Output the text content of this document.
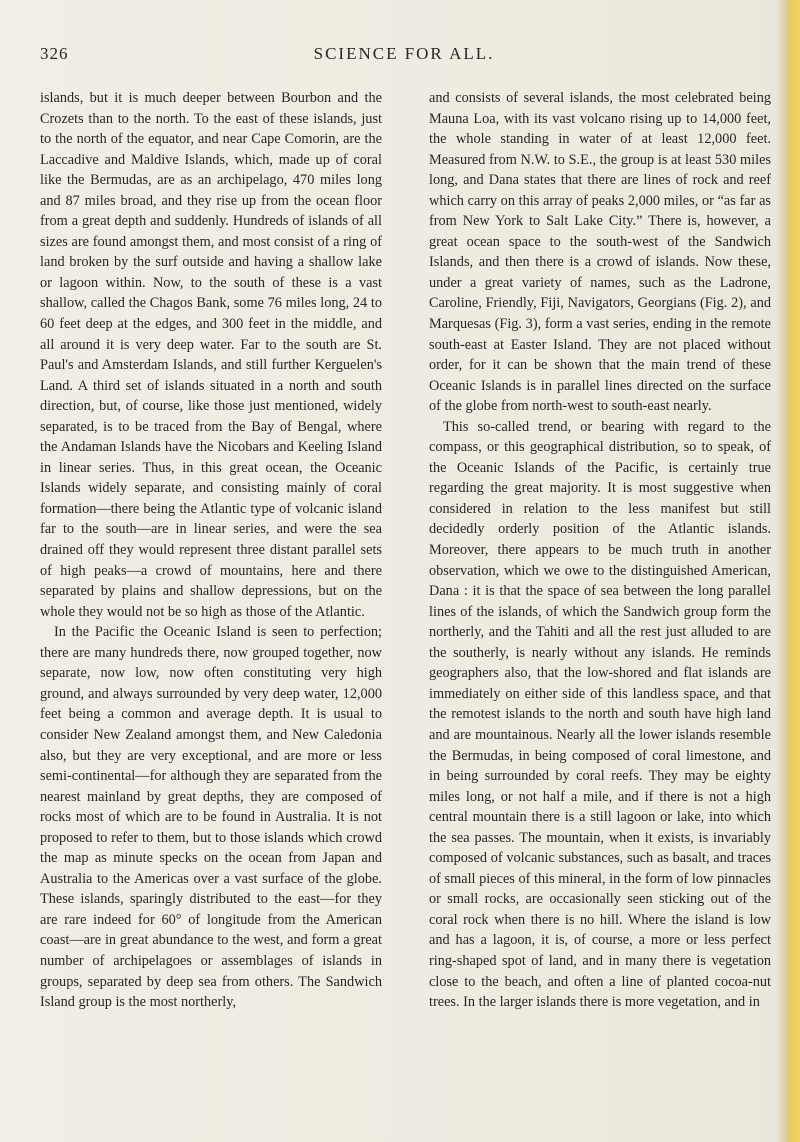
326	SCIENCE FOR ALL.

islands, but it is much deeper between Bourbon and the Crozets than to the north. To the east of these islands, just to the north of the equator, and near Cape Comorin, are the Laccadive and Maldive Islands, which, made up of coral like the Bermudas, are as an archipelago, 470 miles long and 87 miles broad, and they rise up from the ocean floor from a great depth and suddenly. Hundreds of islands of all sizes are found amongst them, and most consist of a ring of land broken by the surf outside and having a shallow lake or lagoon within. Now, to the south of these is a vast shallow, called the Chagos Bank, some 76 miles long, 24 to 60 feet deep at the edges, and 300 feet in the middle, and all around it is very deep water. Far to the south are St. Paul's and Amsterdam Islands, and still further Kerguelen's Land. A third set of islands situated in a north and south direction, but, of course, like those just mentioned, widely separated, is to be traced from the Bay of Bengal, where the Andaman Islands have the Nicobars and Keeling Island in linear series. Thus, in this great ocean, the Oceanic Islands widely separate, and consisting mainly of coral formation—there being the Atlantic type of volcanic island far to the south—are in linear series, and were the sea drained off they would represent three distant parallel sets of high peaks—a crowd of mountains, here and there separated by plains and shallow depressions, but on the whole they would not be so high as those of the Atlantic.

In the Pacific the Oceanic Island is seen to perfection; there are many hundreds there, now grouped together, now separate, now low, now often constituting very high ground, and always surrounded by very deep water, 12,000 feet being a common and average depth. It is usual to consider New Zealand amongst them, and New Caledonia also, but they are very exceptional, and are more or less semi-continental—for although they are separated from the nearest mainland by great depths, they are composed of rocks most of which are to be found in Australia. It is not proposed to refer to them, but to those islands which crowd the map as minute specks on the ocean from Japan and Australia to the Americas over a vast surface of the globe. These islands, sparingly distributed to the east—for they are rare indeed for 60° of longitude from the American coast—are in great abundance to the west, and form a great number of archipelagoes or assemblages of islands in groups, separated by deep sea from others. The Sandwich Island group is the most northerly,

and consists of several islands, the most celebrated being Mauna Loa, with its vast volcano rising up to 14,000 feet, the whole standing in water of at least 12,000 feet. Measured from N.W. to S.E., the group is at least 530 miles long, and Dana states that there are lines of rock and reef which carry on this array of peaks 2,000 miles, or “as far as from New York to Salt Lake City.” There is, however, a great ocean space to the south-west of the Sandwich Islands, and then there is a crowd of islands. Now these, under a great variety of names, such as the Ladrone, Caroline, Friendly, Fiji, Navigators, Georgians (Fig. 2), and Marquesas (Fig. 3), form a vast series, ending in the remote south-east at Easter Island. They are not placed without order, for it can be shown that the main trend of these Oceanic Islands is in parallel lines directed on the surface of the globe from north-west to south-east nearly.

This so-called trend, or bearing with regard to the compass, or this geographical distribution, so to speak, of the Oceanic Islands of the Pacific, is certainly true regarding the great majority. It is most suggestive when considered in relation to the less manifest but still decidedly orderly position of the Atlantic islands. Moreover, there appears to be much truth in another observation, which we owe to the distinguished American, Dana : it is that the space of sea between the long parallel lines of the islands, of which the Sandwich group form the northerly, and the Tahiti and all the rest just alluded to are the southerly, is nearly without any islands. He reminds geographers also, that the low-shored and flat islands are immediately on either side of this landless space, and that the remotest islands to the north and south have high land and are mountainous. Nearly all the lower islands resemble the Bermudas, in being composed of coral limestone, and in being surrounded by coral reefs. They may be eighty miles long, or not half a mile, and if there is not a high central mountain there is a still lagoon or lake, into which the sea passes. The mountain, when it exists, is invariably composed of volcanic substances, such as basalt, and traces of small pieces of this mineral, in the form of low pinnacles or small rocks, are occasionally seen sticking out of the coral rock when there is no hill. Where the island is low and has a lagoon, it is, of course, a more or less perfect ring-shaped spot of land, and in many there is vegetation close to the beach, and often a line of planted cocoa-nut trees. In the larger islands there is more vegetation, and in
